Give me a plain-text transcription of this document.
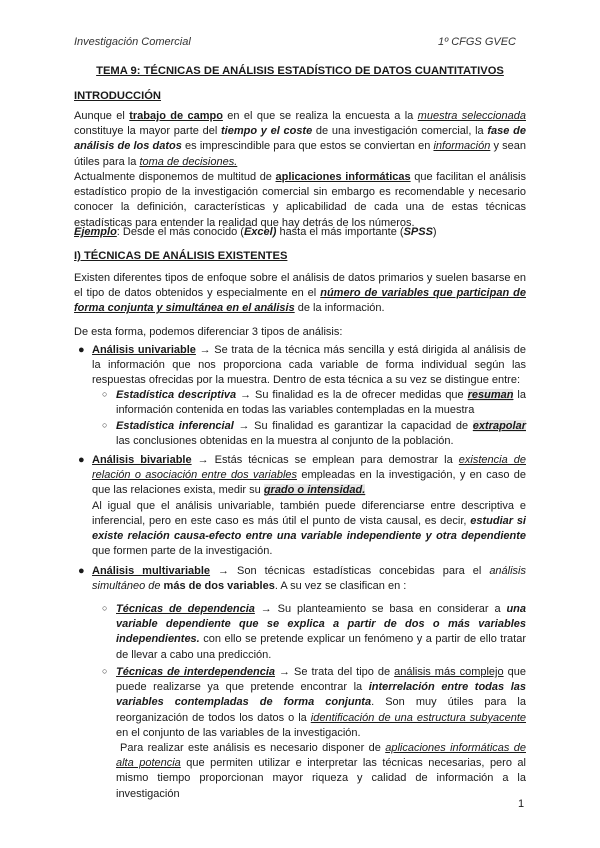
Investigación Comercial	1º CFGS GVEC
TEMA 9: TÉCNICAS DE ANÁLISIS ESTADÍSTICO DE DATOS CUANTITATIVOS
INTRODUCCIÓN
Aunque el trabajo de campo en el que se realiza la encuesta a la muestra seleccionada constituye la mayor parte del tiempo y el coste de una investigación comercial, la fase de análisis de los datos es imprescindible para que estos se conviertan en información y sean útiles para la toma de decisiones.
Actualmente disponemos de multitud de aplicaciones informáticas que facilitan el análisis estadístico propio de la investigación comercial sin embargo es recomendable y necesario conocer la definición, características y aplicabilidad de cada una de estas técnicas estadísticas para entender la realidad que hay detrás de los números.
Ejemplo: Desde el más conocido (Excel) hasta el más importante (SPSS)
I) TÉCNICAS DE ANÁLISIS EXISTENTES
Existen diferentes tipos de enfoque sobre el análisis de datos primarios y suelen basarse en el tipo de datos obtenidos y especialmente en el número de variables que participan de forma conjunta y simultánea en el análisis de la información.
De esta forma, podemos diferenciar 3 tipos de análisis:
● Análisis univariable → Se trata de la técnica más sencilla y está dirigida al análisis de la información que nos proporciona cada variable de forma individual según las respuestas ofrecidas por la muestra. Dentro de esta técnica a su vez se distingue entre:
○ Estadística descriptiva → Su finalidad es la de ofrecer medidas que resuman la información contenida en todas las variables contempladas en la muestra
○ Estadística inferencial → Su finalidad es garantizar la capacidad de extrapolar las conclusiones obtenidas en la muestra al conjunto de la población.
● Análisis bivariable → Estás técnicas se emplean para demostrar la existencia de relación o asociación entre dos variables empleadas en la investigación, y en caso de que las relaciones exista, medir su grado o intensidad.
Al igual que el análisis univariable, también puede diferenciarse entre descriptiva e inferencial, pero en este caso es más útil el punto de vista causal, es decir, estudiar si existe relación causa-efecto entre una variable independiente y otra dependiente que formen parte de la investigación.
● Análisis multivariable → Son técnicas estadísticas concebidas para el análisis simultáneo de más de dos variables. A su vez se clasifican en :
○ Técnicas de dependencia → Su planteamiento se basa en considerar a una variable dependiente que se explica a partir de dos o más variables independientes. con ello se pretende explicar un fenómeno y a partir de ello tratar de llevar a cabo una predicción.
○ Técnicas de interdependencia → Se trata del tipo de análisis más complejo que puede realizarse ya que pretende encontrar la interrelación entre todas las variables contempladas de forma conjunta. Son muy útiles para la reorganización de todos los datos o la identificación de una estructura subyacente en el conjunto de las variables de la investigación.
Para realizar este análisis es necesario disponer de aplicaciones informáticas de alta potencia que permiten utilizar e interpretar las técnicas necesarias, pero al mismo tiempo proporcionan mayor riqueza y calidad de información a la investigación
1
